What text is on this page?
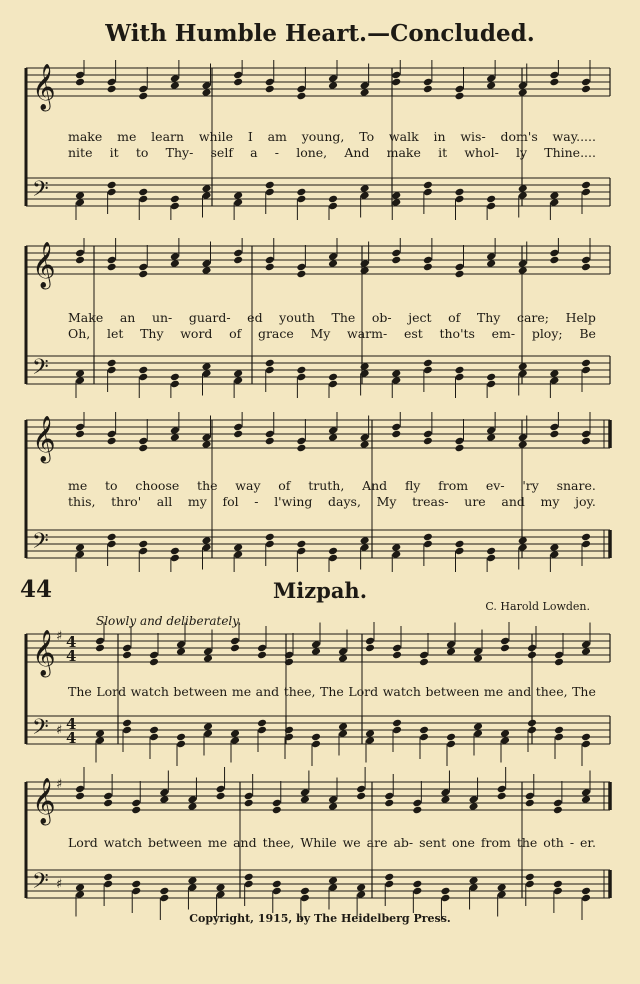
With Humble Heart.—Concluded.
𝄞
𝄢
make me learn while I am young, To walk in wis- dom's way.....
nite it to Thy- self a - lone, And make it whol- ly Thine....
𝄞
𝄢
Make an un- guard- ed youth The ob- ject of Thy care; Help
Oh, let Thy word of grace My warm- est tho'ts em- ploy; Be
𝄞
𝄢
me to choose the way of truth, And fly from ev- 'ry snare.
this, thro' all my fol - l'wing days, My treas- ure and my joy.
44	Mizpah.
C. Harold Lowden.
Slowly and deliberately.
𝄞 ♯ 4
4
𝄢 ♯ 4
4
The Lord watch between me and thee, The Lord watch between me and thee, The
𝄞 ♯
𝄢 ♯
Lord watch between me and thee, While we are ab- sent one from the oth - er.
Copyright, 1915, by The Heidelberg Press.
